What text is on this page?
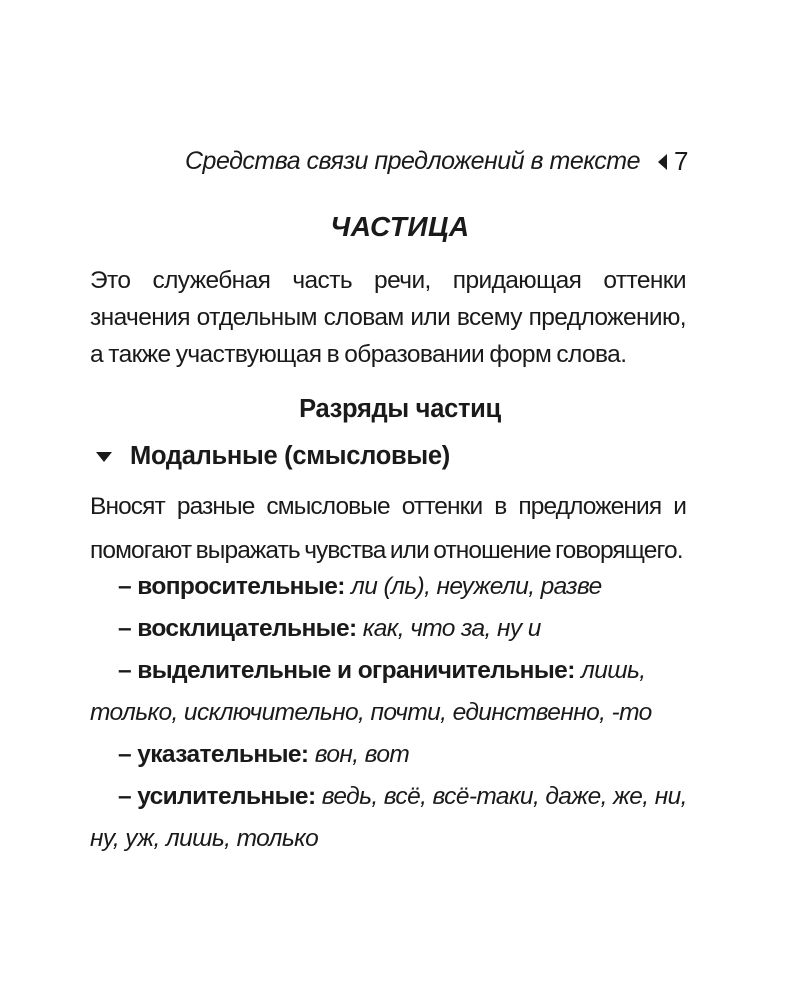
Средства связи предложений в тексте 7
ЧАСТИЦА
Это служебная часть речи, придающая оттенки значения отдельным словам или всему предложению, а также участвующая в образовании форм слова.
Разряды частиц
Модальные (смысловые)
Вносят разные смысловые оттенки в предложения и помогают выражать чувства или отношение говорящего.
– вопросительные: ли (ль), неужели, разве
– восклицательные: как, что за, ну и
– выделительные и ограничительные: лишь, только, исключительно, почти, единственно, -то
– указательные: вон, вот
– усилительные: ведь, всё, всё-таки, даже, же, ни, ну, уж, лишь, только
